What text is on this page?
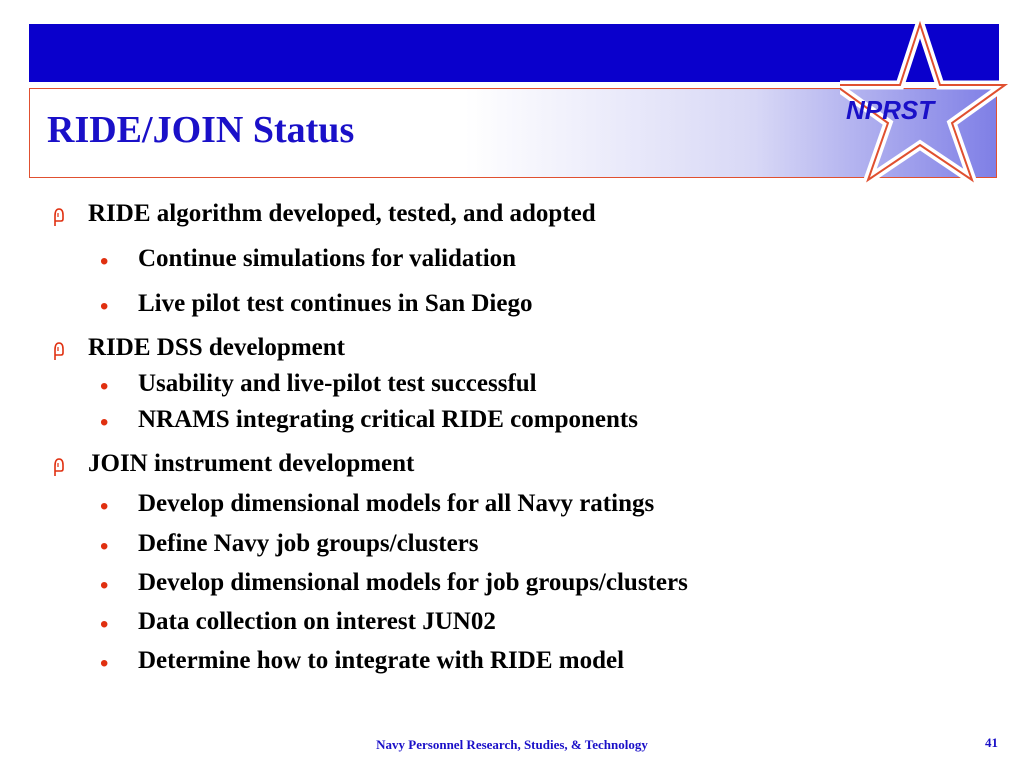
RIDE/JOIN Status	NPRST
RIDE algorithm developed, tested, and adopted
• Continue simulations for validation
• Live pilot test continues in San Diego
RIDE DSS development
• Usability and live-pilot test successful
• NRAMS integrating critical RIDE components
JOIN instrument development
• Develop dimensional models for all Navy ratings
• Define Navy job groups/clusters
• Develop dimensional models for job groups/clusters
• Data collection on interest JUN02
• Determine how to integrate with RIDE model
Navy Personnel Research, Studies, & Technology	41
